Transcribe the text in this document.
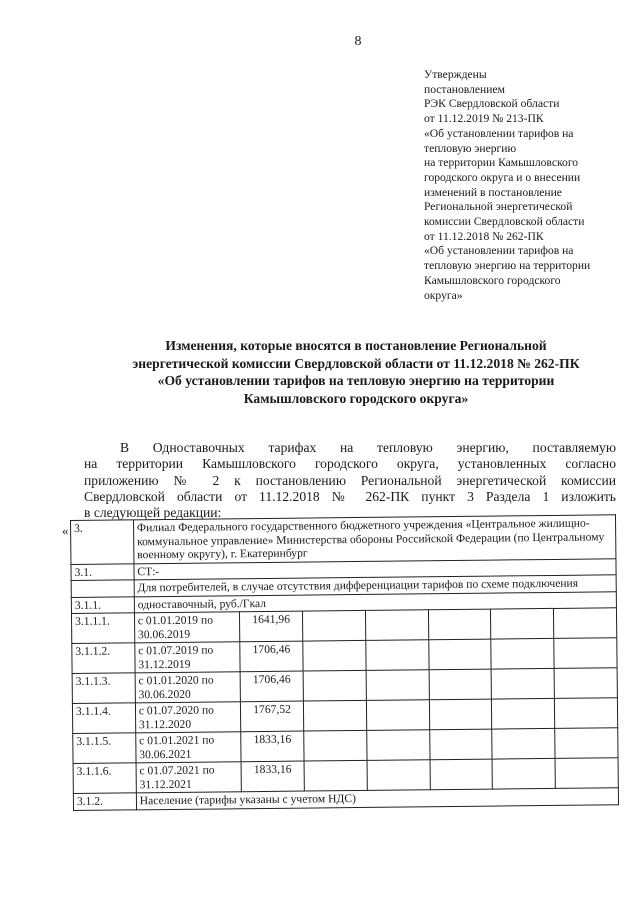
8
Утверждены
постановлением
РЭК Свердловской области
от 11.12.2019 № 213-ПК
«Об установлении тарифов на
тепловую энергию
на территории Камышловского
городского округа и о внесении
изменений в постановление
Региональной энергетической
комиссии Свердловской области
от 11.12.2018 № 262-ПК
«Об установлении тарифов на
тепловую энергию на территории
Камышловского городского
округа»
Изменения, которые вносятся в постановление Региональной
энергетической комиссии Свердловской области от 11.12.2018 № 262-ПК
«Об установлении тарифов на тепловую энергию на территории
Камышловского городского округа»
В Одноставочных тарифах на тепловую энергию, поставляемую
на территории Камышловского городского округа, установленных согласно
приложению № 2 к постановлению Региональной энергетической комиссии
Свердловской области от 11.12.2018 № 262-ПК пункт 3 Раздела 1 изложить
в следующей редакции:
« 3.	Филиал Федерального государственного бюджетного учреждения «Центральное жилищно-коммунальное управление» Министерства обороны Российской Федерации (по Центральному военному округу), г. Екатеринбург						
3.1.	СТ:-						
	Для потребителей, в случае отсутствия дифференциации тарифов по схеме подключения						
3.1.1.	одноставочный, руб./Гкал						
3.1.1.1.	с 01.01.2019 по 30.06.2019	1641,96					
3.1.1.2.	с 01.07.2019 по 31.12.2019	1706,46					
3.1.1.3.	с 01.01.2020 по 30.06.2020	1706,46					
3.1.1.4.	с 01.07.2020 по 31.12.2020	1767,52					
3.1.1.5.	с 01.01.2021 по 30.06.2021	1833,16					
3.1.1.6.	с 01.07.2021 по 31.12.2021	1833,16					
3.1.2.	Население (тарифы указаны с учетом НДС)						
